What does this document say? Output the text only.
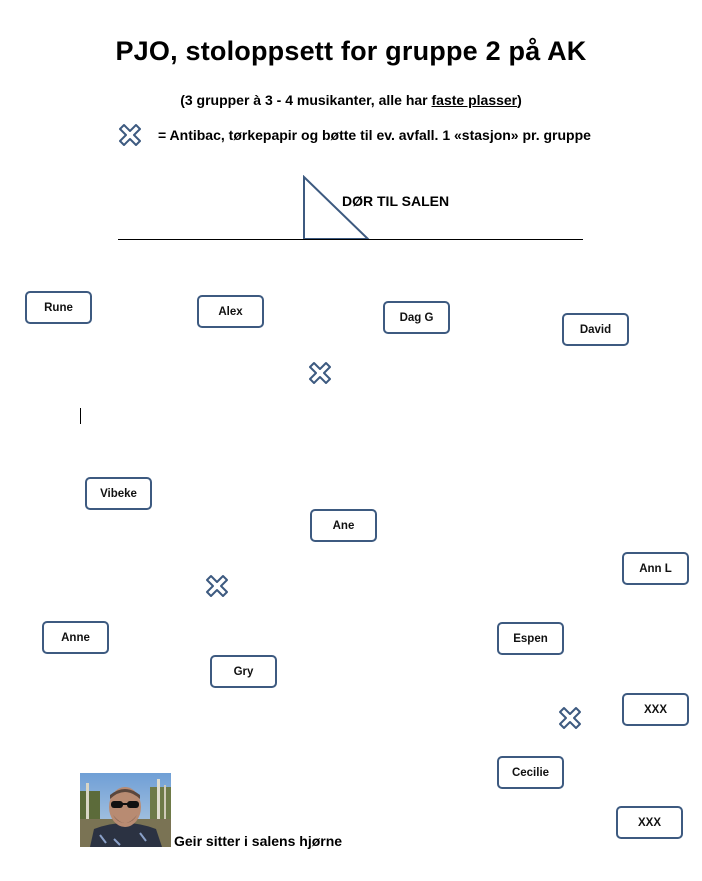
PJO, stoloppsett for gruppe 2 på AK
(3 grupper à 3 - 4 musikanter, alle har faste plasser)
= Antibac, tørkepapir og bøtte til ev. avfall. 1 «stasjon» pr. gruppe
DØR TIL SALEN
Rune	Alex	Dag G
David
Vibeke
Ane
Ann L
Anne	Espen
Gry
XXX
Cecilie
XXX
Geir sitter i salens hjørne
